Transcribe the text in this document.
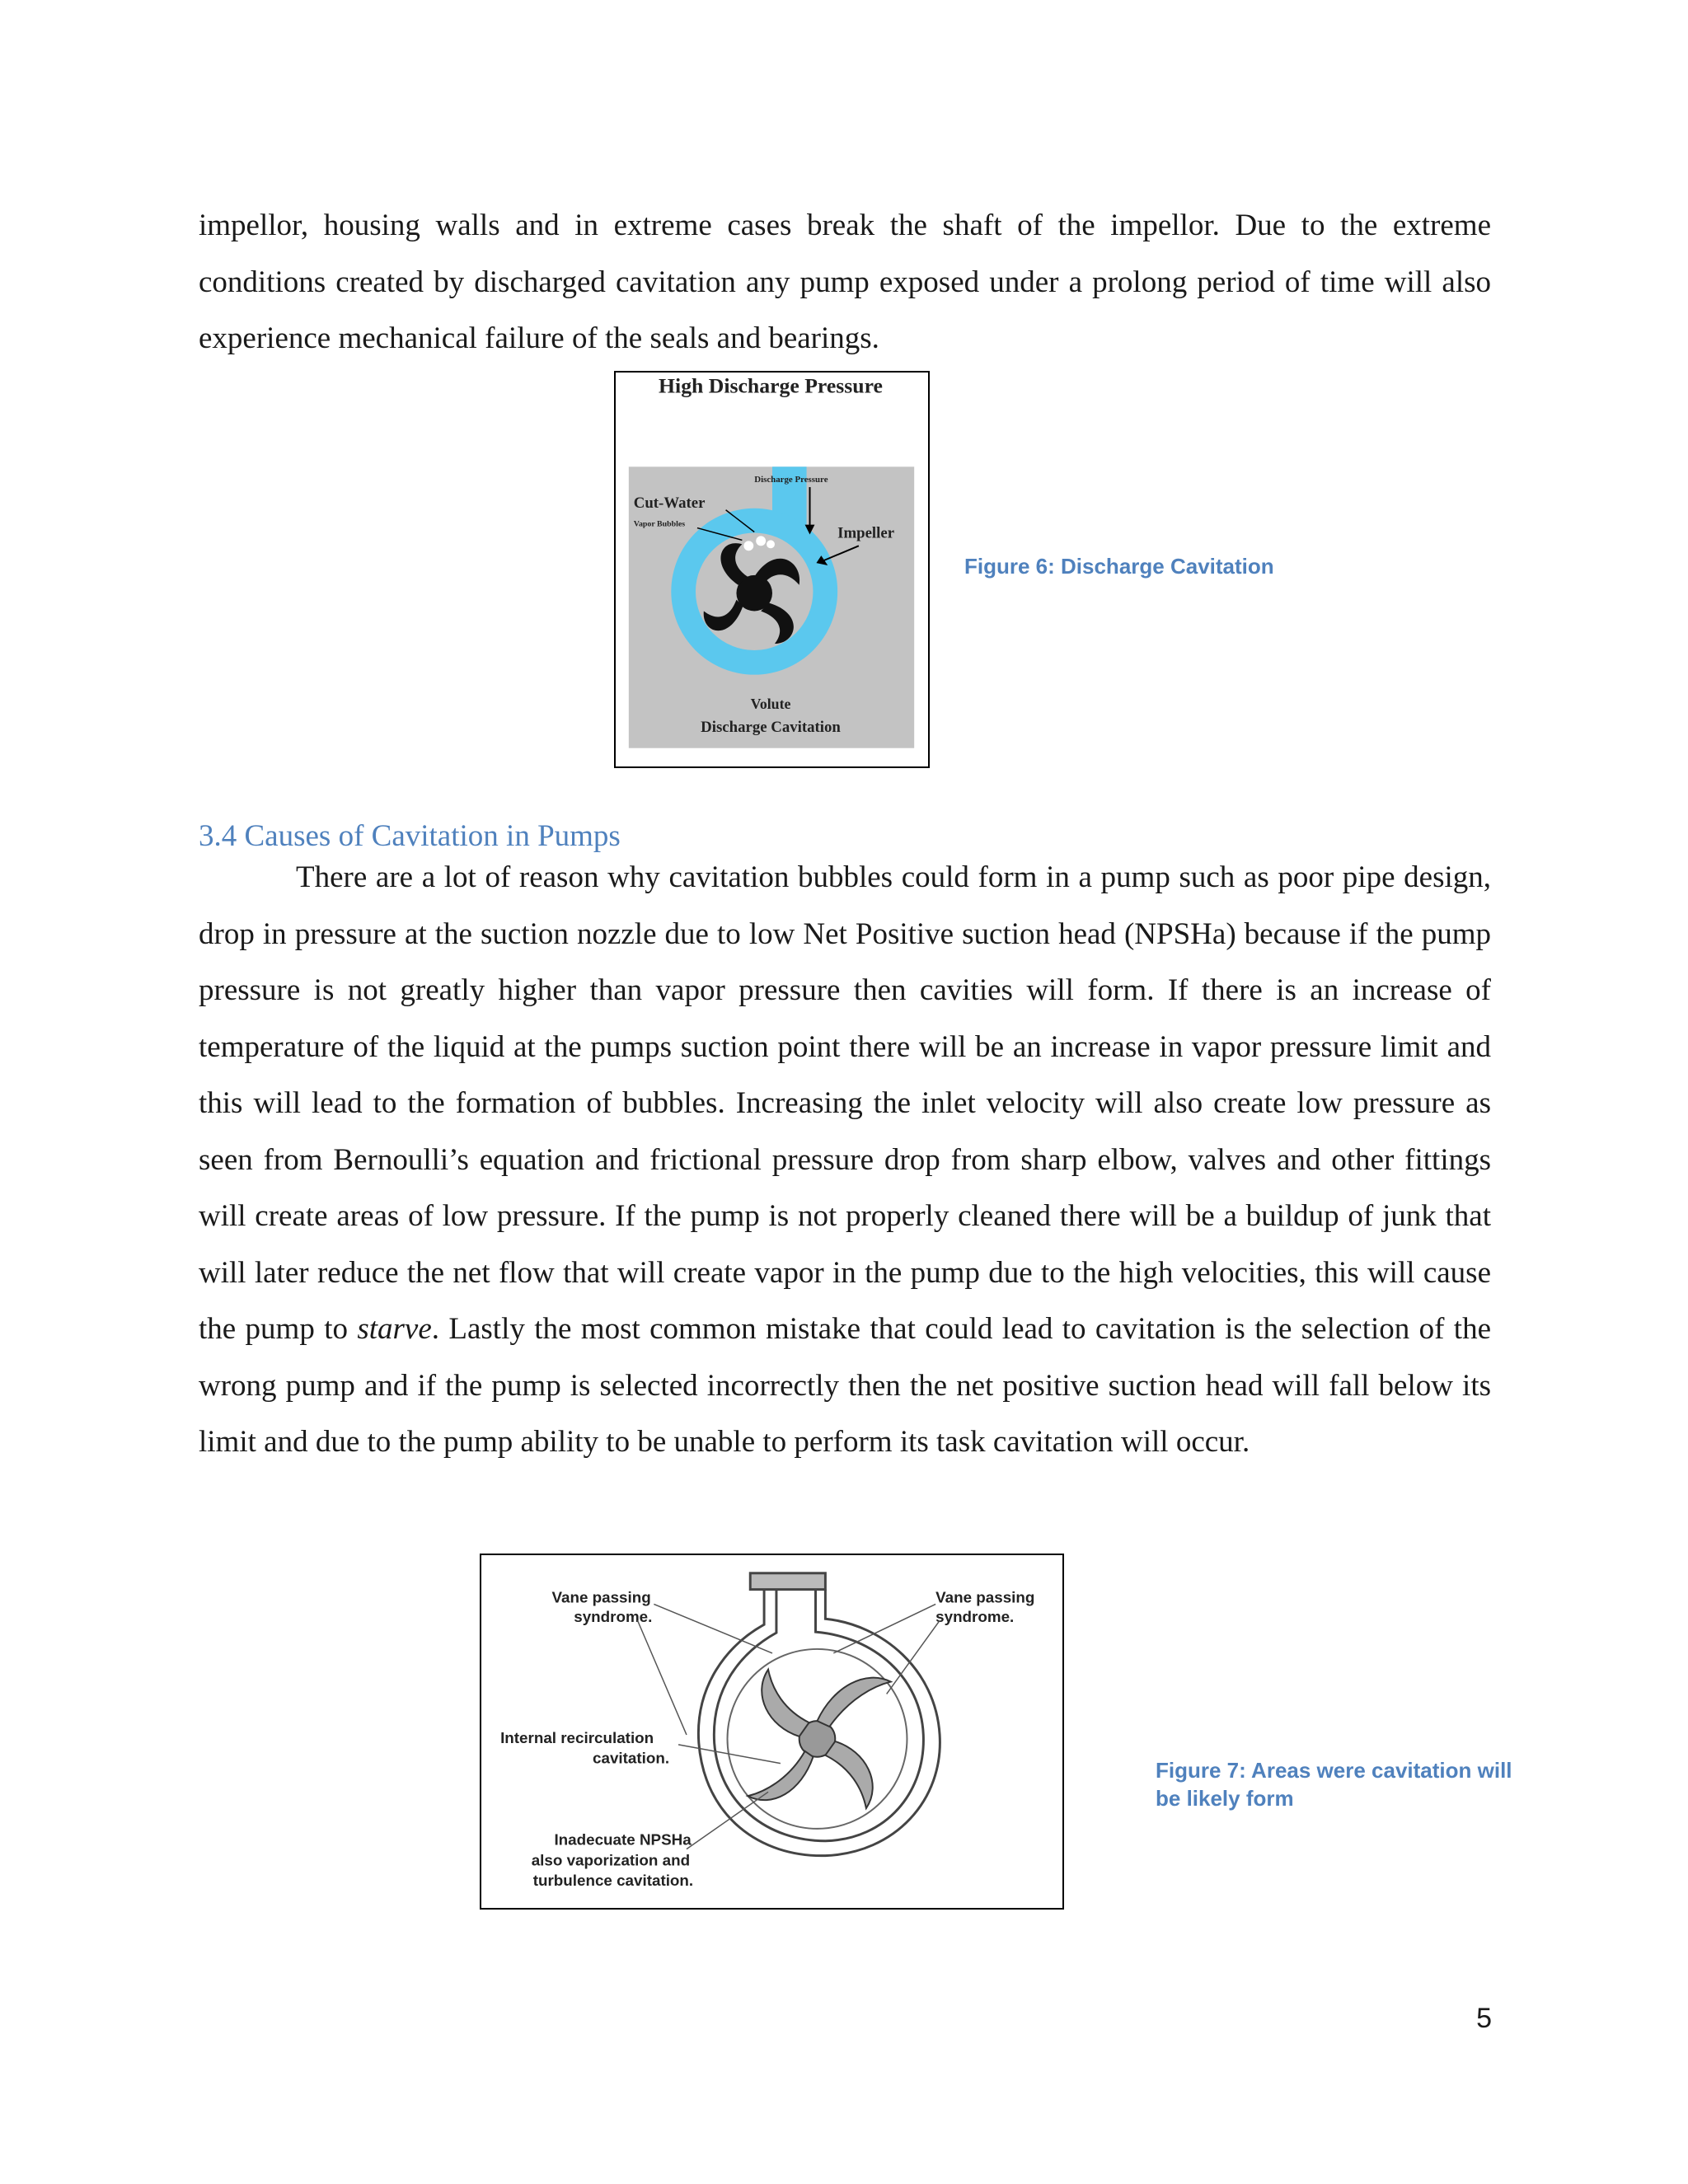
impellor, housing walls and in extreme cases break the shaft of the impellor. Due to the extreme conditions created by discharged cavitation any pump exposed under a prolong period of time will also experience mechanical failure of the seals and bearings.

High Discharge Pressure
Discharge Pressure
Cut-Water
Vapor Bubbles
Impeller
Volute
Discharge Cavitation

Figure 6: Discharge Cavitation

3.4 Causes of Cavitation in Pumps

There are a lot of reason why cavitation bubbles could form in a pump such as poor pipe design, drop in pressure at the suction nozzle due to low Net Positive suction head (NPSHa) because if the pump pressure is not greatly higher than vapor pressure then cavities will form. If there is an increase of temperature of the liquid at the pumps suction point there will be an increase in vapor pressure limit and this will lead to the formation of bubbles. Increasing the inlet velocity will also create low pressure as seen from Bernoulli’s equation and frictional pressure drop from sharp elbow, valves and other fittings will create areas of low pressure. If the pump is not properly cleaned there will be a buildup of junk that will later reduce the net flow that will create vapor in the pump due to the high velocities, this will cause the pump to starve. Lastly the most common mistake that could lead to cavitation is the selection of the wrong pump and if the pump is selected incorrectly then the net positive suction head will fall below its limit and due to the pump ability to be unable to perform its task cavitation will occur.

Vane passing
syndrome.
Vane passing
syndrome.
Internal recirculation
cavitation.
Inadecuate NPSHa
also vaporization and
turbulence cavitation.
Figure 7: Areas were cavitation will
be likely form
5
